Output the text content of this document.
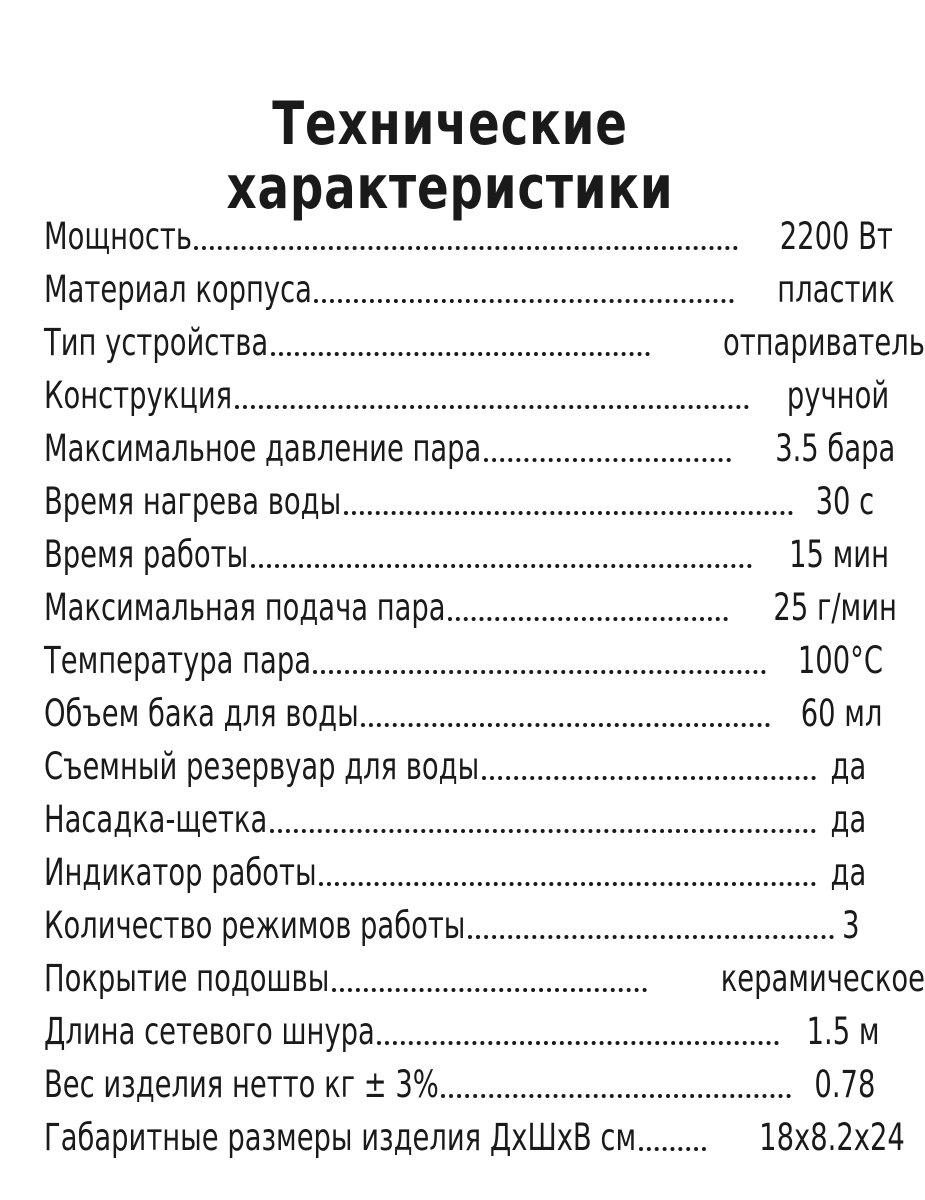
Технические
характеристики
Мощность	2200 Вт
Материал корпуса	пластик
Тип устройства	отпариватель
Конструкция	ручной
Максимальное давление пара	3.5 бара
Время нагрева воды	30 с
Время работы	15 мин
Максимальная подача пара	25 г/мин
Температура пара	100°C
Объем бака для воды	60 мл
Съемный резервуар для воды	да
Насадка-щетка	да
Индикатор работы	да
Количество режимов работы	3
Покрытие подошвы	керамическое
Длина сетевого шнура	1.5 м
Вес изделия нетто кг ± 3%	0.78
Габаритные размеры изделия ДхШхВ см	18x8.2x24
